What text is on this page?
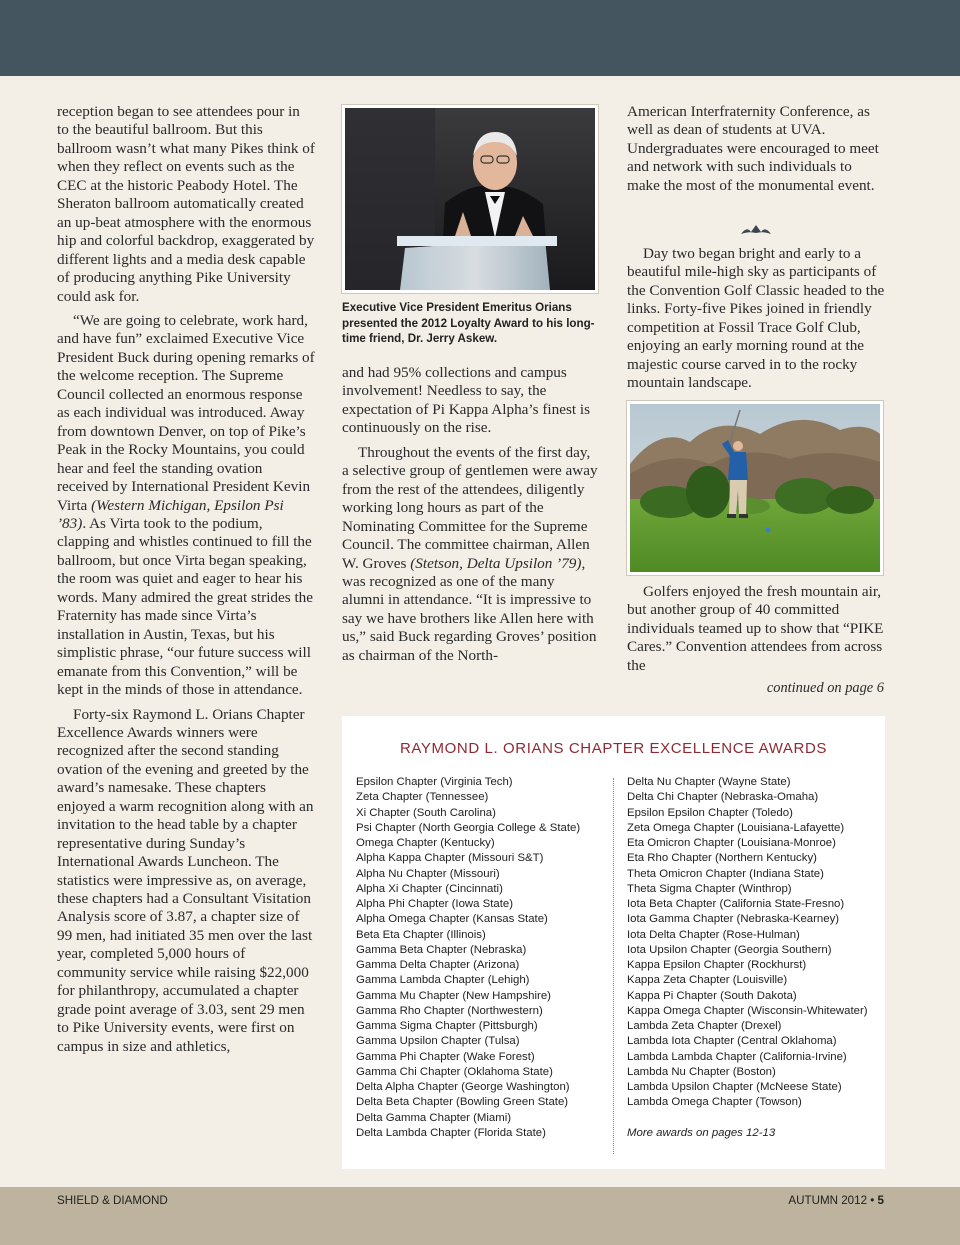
reception began to see attendees pour in to the beautiful ballroom. But this ballroom wasn’t what many Pikes think of when they reflect on events such as the CEC at the historic Peabody Hotel. The Sheraton ballroom automatically created an up-beat atmosphere with the enormous hip and colorful backdrop, exaggerated by different lights and a media desk capable of producing anything Pike University could ask for.

“We are going to celebrate, work hard, and have fun” exclaimed Executive Vice President Buck during opening remarks of the welcome reception. The Supreme Council collected an enormous response as each individual was introduced. Away from downtown Denver, on top of Pike’s Peak in the Rocky Mountains, you could hear and feel the standing ovation received by International President Kevin Virta (Western Michigan, Epsilon Psi ’83). As Virta took to the podium, clapping and whistles continued to fill the ballroom, but once Virta began speaking, the room was quiet and eager to hear his words. Many admired the great strides the Fraternity has made since Virta’s installation in Austin, Texas, but his simplistic phrase, “our future success will emanate from this Convention,” will be kept in the minds of those in attendance.

Forty-six Raymond L. Orians Chapter Excellence Awards winners were recognized after the second standing ovation of the evening and greeted by the award’s namesake. These chapters enjoyed a warm recognition along with an invitation to the head table by a chapter representative during Sunday’s International Awards Luncheon. The statistics were impressive as, on average, these chapters had a Consultant Visitation Analysis score of 3.87, a chapter size of 99 men, had initiated 35 men over the last year, completed 5,000 hours of community service while raising $22,000 for philanthropy, accumulated a chapter grade point average of 3.03, sent 29 men to Pike University events, were first on campus in size and athletics,

Executive Vice President Emeritus Orians presented the 2012 Loyalty Award to his long-time friend, Dr. Jerry Askew.

and had 95% collections and campus involvement! Needless to say, the expectation of Pi Kappa Alpha’s finest is continuously on the rise.

Throughout the events of the first day, a selective group of gentlemen were away from the rest of the attendees, diligently working long hours as part of the Nominating Committee for the Supreme Council. The committee chairman, Allen W. Groves (Stetson, Delta Upsilon ’79), was recognized as one of the many alumni in attendance. “It is impressive to say we have brothers like Allen here with us,” said Buck regarding Groves’ position as chairman of the North-

American Interfraternity Conference, as well as dean of students at UVA. Undergraduates were encouraged to meet and network with such individuals to make the most of the monumental event.

Day two began bright and early to a beautiful mile-high sky as participants of the Convention Golf Classic headed to the links. Forty-five Pikes joined in friendly competition at Fossil Trace Golf Club, enjoying an early morning round at the majestic course carved in to the rocky mountain landscape.

Golfers enjoyed the fresh mountain air, but another group of 40 committed individuals teamed up to show that “PIKE Cares.” Convention attendees from across the

continued on page 6
RAYMOND L. ORIANS CHAPTER EXCELLENCE AWARDS
Epsilon Chapter (Virginia Tech)
Zeta Chapter (Tennessee)
Xi Chapter (South Carolina)
Psi Chapter (North Georgia College & State)
Omega Chapter (Kentucky)
Alpha Kappa Chapter (Missouri S&T)
Alpha Nu Chapter (Missouri)
Alpha Xi Chapter (Cincinnati)
Alpha Phi Chapter (Iowa State)
Alpha Omega Chapter (Kansas State)
Beta Eta Chapter (Illinois)
Gamma Beta Chapter (Nebraska)
Gamma Delta Chapter (Arizona)
Gamma Lambda Chapter (Lehigh)
Gamma Mu Chapter (New Hampshire)
Gamma Rho Chapter (Northwestern)
Gamma Sigma Chapter (Pittsburgh)
Gamma Upsilon Chapter (Tulsa)
Gamma Phi Chapter (Wake Forest)
Gamma Chi Chapter (Oklahoma State)
Delta Alpha Chapter (George Washington)
Delta Beta Chapter (Bowling Green State)
Delta Gamma Chapter (Miami)
Delta Lambda Chapter (Florida State)
Delta Nu Chapter (Wayne State)
Delta Chi Chapter (Nebraska-Omaha)
Epsilon Epsilon Chapter (Toledo)
Zeta Omega Chapter (Louisiana-Lafayette)
Eta Omicron Chapter (Louisiana-Monroe)
Eta Rho Chapter (Northern Kentucky)
Theta Omicron Chapter (Indiana State)
Theta Sigma Chapter (Winthrop)
Iota Beta Chapter (California State-Fresno)
Iota Gamma Chapter (Nebraska-Kearney)
Iota Delta Chapter (Rose-Hulman)
Iota Upsilon Chapter (Georgia Southern)
Kappa Epsilon Chapter (Rockhurst)
Kappa Zeta Chapter (Louisville)
Kappa Pi Chapter (South Dakota)
Kappa Omega Chapter (Wisconsin-Whitewater)
Lambda Zeta Chapter (Drexel)
Lambda Iota Chapter (Central Oklahoma)
Lambda Lambda Chapter (California-Irvine)
Lambda Nu Chapter (Boston)
Lambda Upsilon Chapter (McNeese State)
Lambda Omega Chapter (Towson)
More awards on pages 12-13
SHIELD & DIAMOND	AUTUMN 2012 • 5
